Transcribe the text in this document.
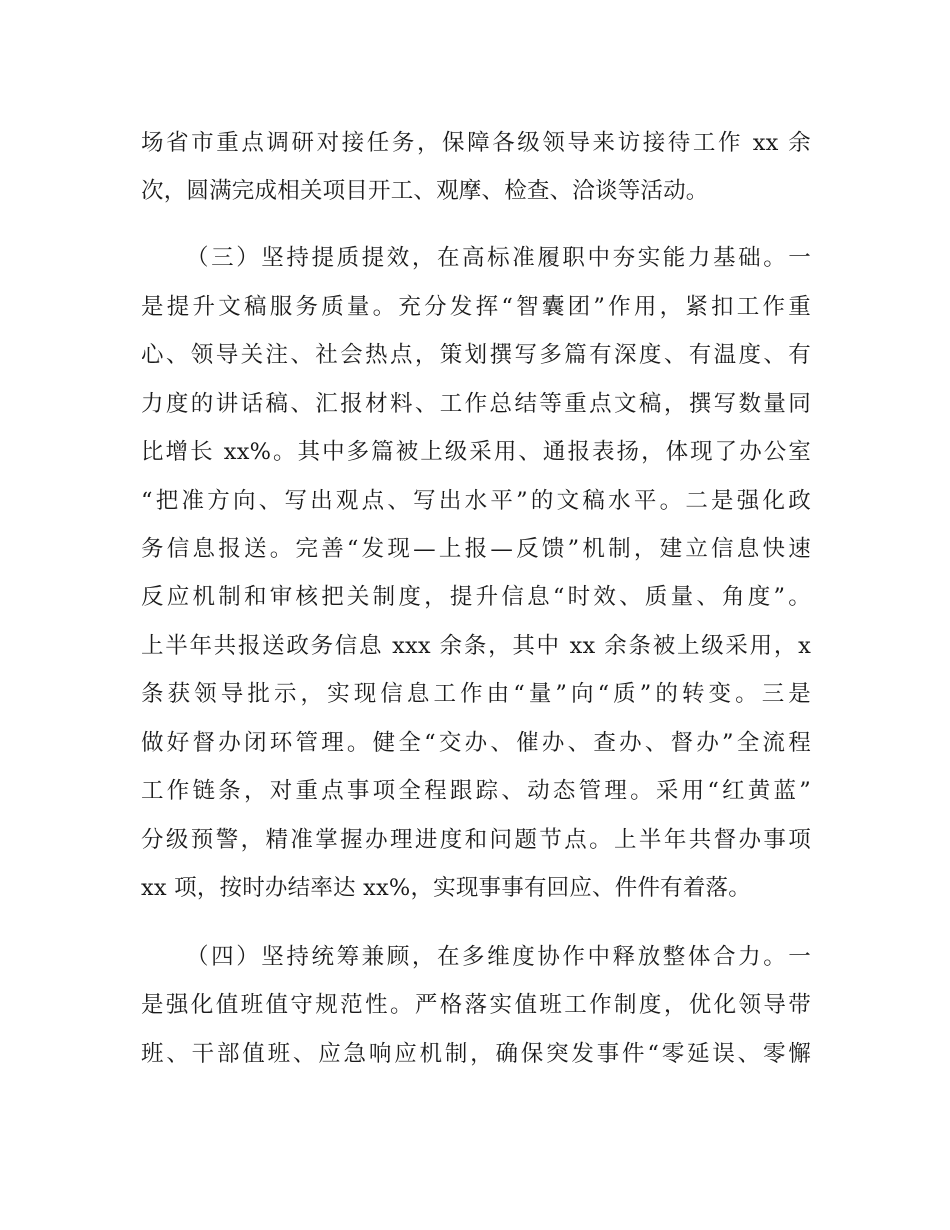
场省市重点调研对接任务，保障各级领导来访接待工作 xx 余
次，圆满完成相关项目开工、观摩、检查、洽谈等活动。
（三）坚持提质提效，在高标准履职中夯实能力基础。一
是提升文稿服务质量。充分发挥“智囊团”作用，紧扣工作重
心、领导关注、社会热点，策划撰写多篇有深度、有温度、有
力度的讲话稿、汇报材料、工作总结等重点文稿，撰写数量同
比增长 xx%。其中多篇被上级采用、通报表扬，体现了办公室
“把准方向、写出观点、写出水平”的文稿水平。二是强化政
务信息报送。完善“发现—上报—反馈”机制，建立信息快速
反应机制和审核把关制度，提升信息“时效、质量、角度”。
上半年共报送政务信息 xxx 余条，其中 xx 余条被上级采用，x
条获领导批示，实现信息工作由“量”向“质”的转变。三是
做好督办闭环管理。健全“交办、催办、查办、督办”全流程
工作链条，对重点事项全程跟踪、动态管理。采用“红黄蓝”
分级预警，精准掌握办理进度和问题节点。上半年共督办事项
xx 项，按时办结率达 xx%，实现事事有回应、件件有着落。
（四）坚持统筹兼顾，在多维度协作中释放整体合力。一
是强化值班值守规范性。严格落实值班工作制度，优化领导带
班、干部值班、应急响应机制，确保突发事件“零延误、零懈
